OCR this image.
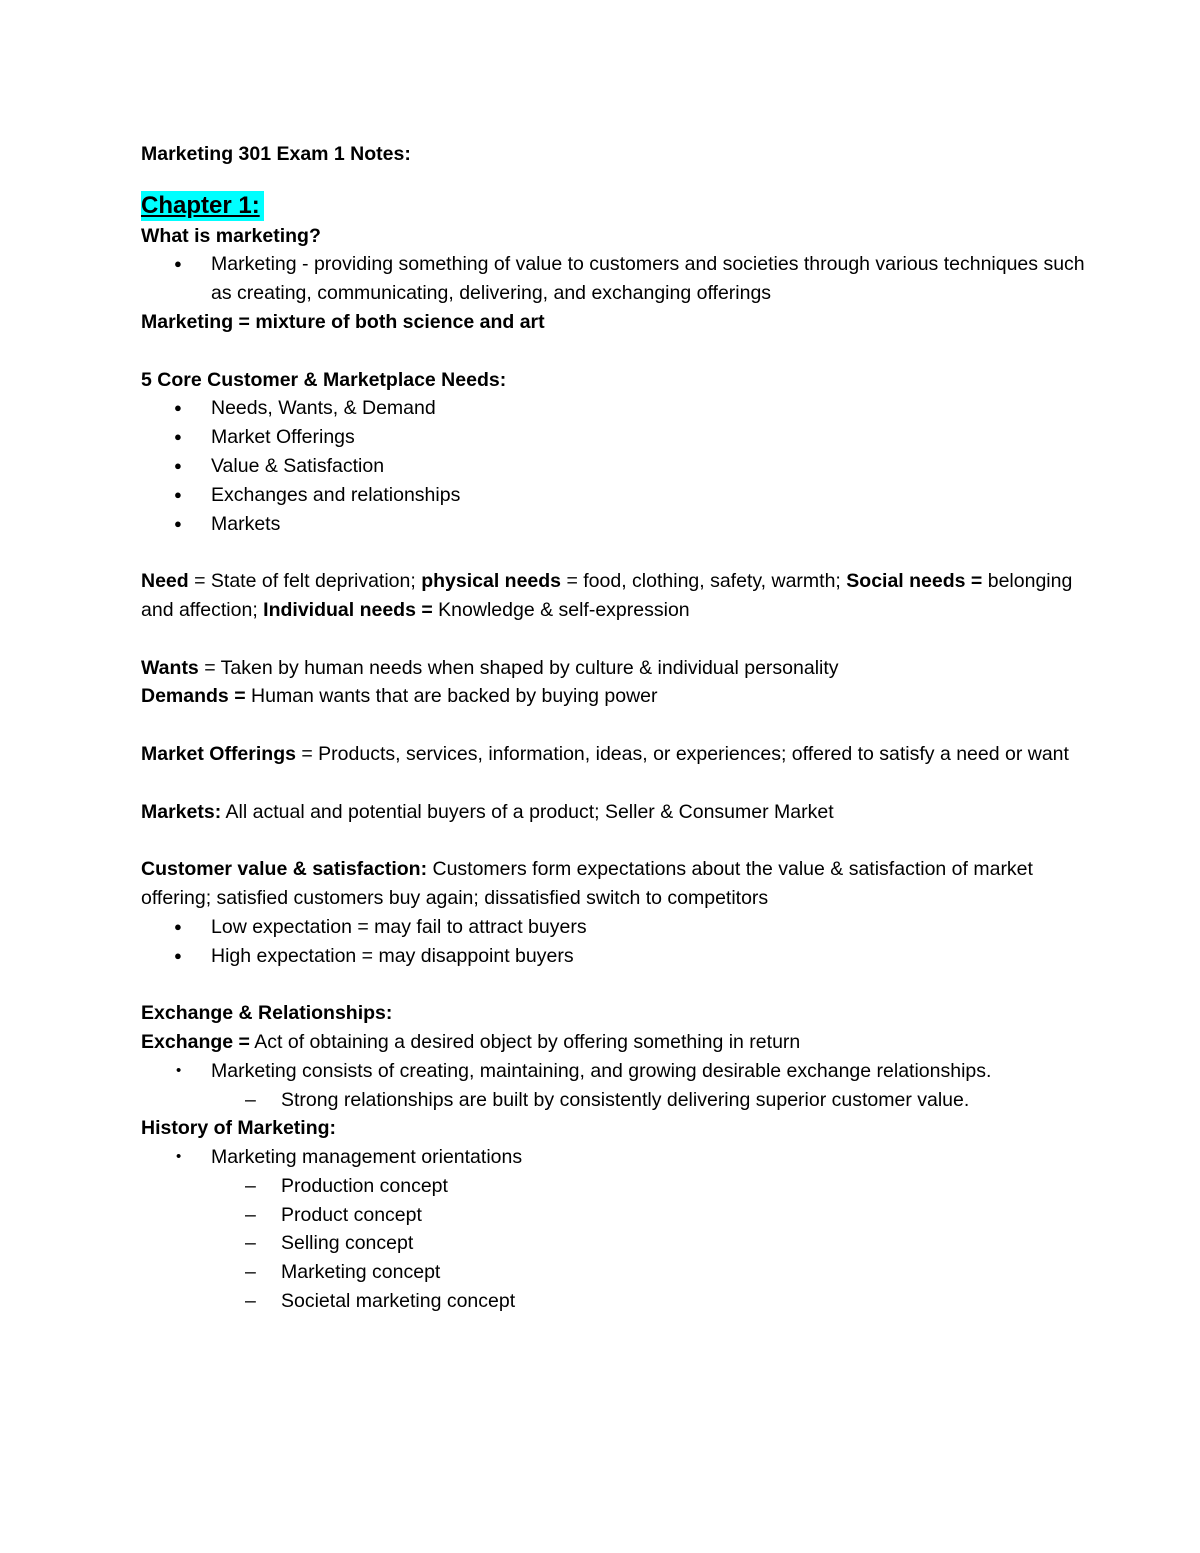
Marketing 301 Exam 1 Notes:

Chapter 1:

What is marketing?

● Marketing - providing something of value to customers and societies through various techniques such as creating, communicating, delivering, and exchanging offerings

Marketing = mixture of both science and art

5 Core Customer & Marketplace Needs:

● Needs, Wants, & Demand
● Market Offerings
● Value & Satisfaction
● Exchanges and relationships
● Markets

Need = State of felt deprivation; physical needs = food, clothing, safety, warmth; Social needs = belonging and affection; Individual needs = Knowledge & self-expression

Wants = Taken by human needs when shaped by culture & individual personality

Demands = Human wants that are backed by buying power

Market Offerings = Products, services, information, ideas, or experiences; offered to satisfy a need or want

Markets: All actual and potential buyers of a product; Seller & Consumer Market

Customer value & satisfaction: Customers form expectations about the value & satisfaction of market offering; satisfied customers buy again; dissatisfied switch to competitors

● Low expectation = may fail to attract buyers
● High expectation = may disappoint buyers

Exchange & Relationships:

Exchange = Act of obtaining a desired object by offering something in return

• Marketing consists of creating, maintaining, and growing desirable exchange relationships.
– Strong relationships are built by consistently delivering superior customer value.

History of Marketing:

• Marketing management orientations
– Production concept
– Product concept
– Selling concept
– Marketing concept
– Societal marketing concept
